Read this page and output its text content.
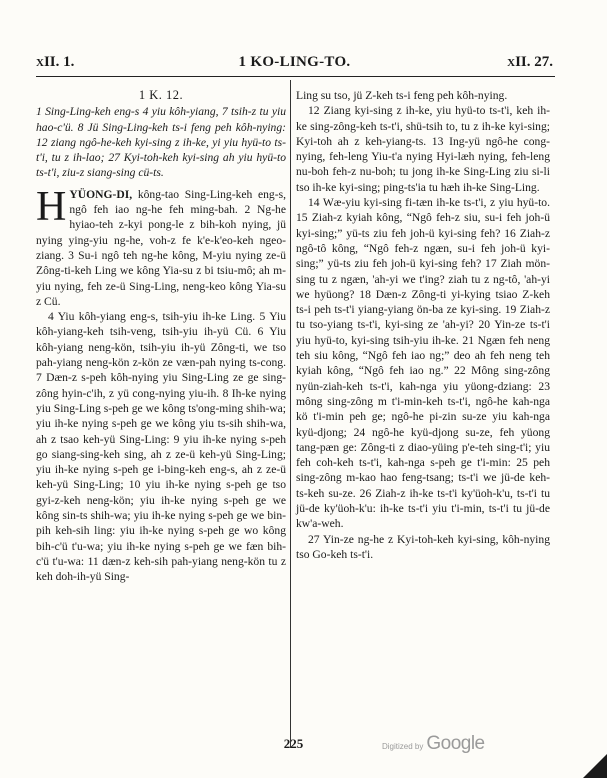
xII. 1.	1 KO-LING-TO.	xII. 27.
1 K. 12.

1 Sing-Ling-keh eng-s 4 yiu kôh-yiang, 7 tsih-z tu yiu hao-c'ü. 8 Jü Sing-Ling-keh ts-i feng peh kôh-nying: 12 ziang ngô-he-keh kyi-sing z ih-ke, yi yiu hyü-to ts-t'i, tu z ih-lao; 27 Kyi-toh-keh kyi-sing ah yiu hyü-to ts-t'i, ziu-z siang-sing cü-ts.

HYÜONG-DI, kông-tao Sing-Ling-keh eng-s, ngô feh iao ng-he feh ming-bah. 2 Ng-he hyiao-teh z-kyi pong-le z bih-koh nying, jü nying ying-yiu ng-he, voh-z fe k'e-k'eo-keh ngeo-ziang. 3 Su-i ngô teh ng-he kông, M-yiu nying ze-ü Zông-ti-keh Ling we kông Yia-su z bi tsiu-mô; ah m-yiu nying, feh ze-ü Sing-Ling, neng-keo kông Yia-su z Cü.

4 Yiu kôh-yiang eng-s, tsih-yiu ih-ke Ling. 5 Yiu kôh-yiang-keh tsih-veng, tsih-yiu ih-yü Cü. 6 Yiu kôh-yiang neng-kön, tsih-yiu ih-yü Zông-ti, we tso pah-yiang neng-kön z-kön ze væn-pah nying ts-cong. 7 Dæn-z s-peh kôh-nying yiu Sing-Ling ze ge sing-zông hyin-c'ih, z yü cong-nying yiu-ih. 8 Ih-ke nying yiu Sing-Ling s-peh ge we kông ts'ong-ming shih-wa; yiu ih-ke nying s-peh ge we kông yiu ts-sih shih-wa, ah z tsao keh-yü Sing-Ling: 9 yiu ih-ke nying s-peh go siang-sing-keh sing, ah z ze-ü keh-yü Sing-Ling; yiu ih-ke nying s-peh ge i-bing-keh eng-s, ah z ze-ü keh-yü Sing-Ling; 10 yiu ih-ke nying s-peh ge tso gyi-z-keh neng-kön; yiu ih-ke nying s-peh ge we kông sin-ts shih-wa; yiu ih-ke nying s-peh ge we bin-pih keh-sih ling: yiu ih-ke nying s-peh ge wo kông bih-c'ü t'u-wa; yiu ih-ke nying s-peh ge we fæn bih-c'ü t'u-wa: 11 dæn-z keh-sih pah-yiang neng-kön tu z keh doh-ih-yü Sing-

Ling su tso, jü Z-keh ts-i feng peh kôh-nying.

12 Ziang kyi-sing z ih-ke, yiu hyü-to ts-t'i, keh ih-ke sing-zông-keh ts-t'i, shü-tsih to, tu z ih-ke kyi-sing; Kyi-toh ah z keh-yiang-ts. 13 Ing-yü ngô-he cong-nying, feh-leng Yiu-t'a nying Hyi-læh nying, feh-leng nu-boh feh-z nu-boh; tu jong ih-ke Sing-Ling ziu si-li tso ih-ke kyi-sing; ping-ts'ia tu hæh ih-ke Sing-Ling.

14 Wæ-yiu kyi-sing fi-tæn ih-ke ts-t'i, z yiu hyü-to. 15 Ziah-z kyiah kông, “Ngô feh-z siu, su-i feh joh-ü kyi-sing;” yü-ts ziu feh joh-ü kyi-sing feh? 16 Ziah-z ngô-tô kông, “Ngô feh-z ngæn, su-i feh joh-ü kyi-sing;” yü-ts ziu feh joh-ü kyi-sing feh? 17 Ziah mön-sing tu z ngæn, 'ah-yi we t'ing? ziah tu z ng-tô, 'ah-yi we hyüong? 18 Dæn-z Zông-ti yi-kying tsiao Z-keh ts-i peh ts-t'i yiang-yiang ön-ba ze kyi-sing. 19 Ziah-z tu tso-yiang ts-t'i, kyi-sing ze 'ah-yi? 20 Yin-ze ts-t'i yiu hyü-to, kyi-sing tsih-yiu ih-ke. 21 Ngæn feh neng teh siu kông, “Ngô feh iao ng;” deo ah feh neng teh kyiah kông, “Ngô feh iao ng.” 22 Mông sing-zông nyün-ziah-keh ts-t'i, kah-nga yiu yüong-dziang: 23 mông sing-zông m t'i-min-keh ts-t'i, ngô-he kah-nga kö t'i-min peh ge; ngô-he pi-zin su-ze yiu kah-nga kyü-djong; 24 ngô-he kyü-djong su-ze, feh yüong tang-pæn ge: Zông-ti z diao-yüing p'e-teh sing-t'i; yiu feh coh-keh ts-t'i, kah-nga s-peh ge t'i-min: 25 peh sing-zông m-kao hao feng-tsang; ts-t'i we jü-de keh-ts-keh su-ze. 26 Ziah-z ih-ke ts-t'i ky'üoh-k'u, ts-t'i tu jü-de ky'üoh-k'u: ih-ke ts-t'i yiu t'i-min, ts-t'i tu jü-de kw'a-weh.

27 Yin-ze ng-he z Kyi-toh-keh kyi-sing, kôh-nying tso Go-keh ts-t'i.

225	Digitized by Google
